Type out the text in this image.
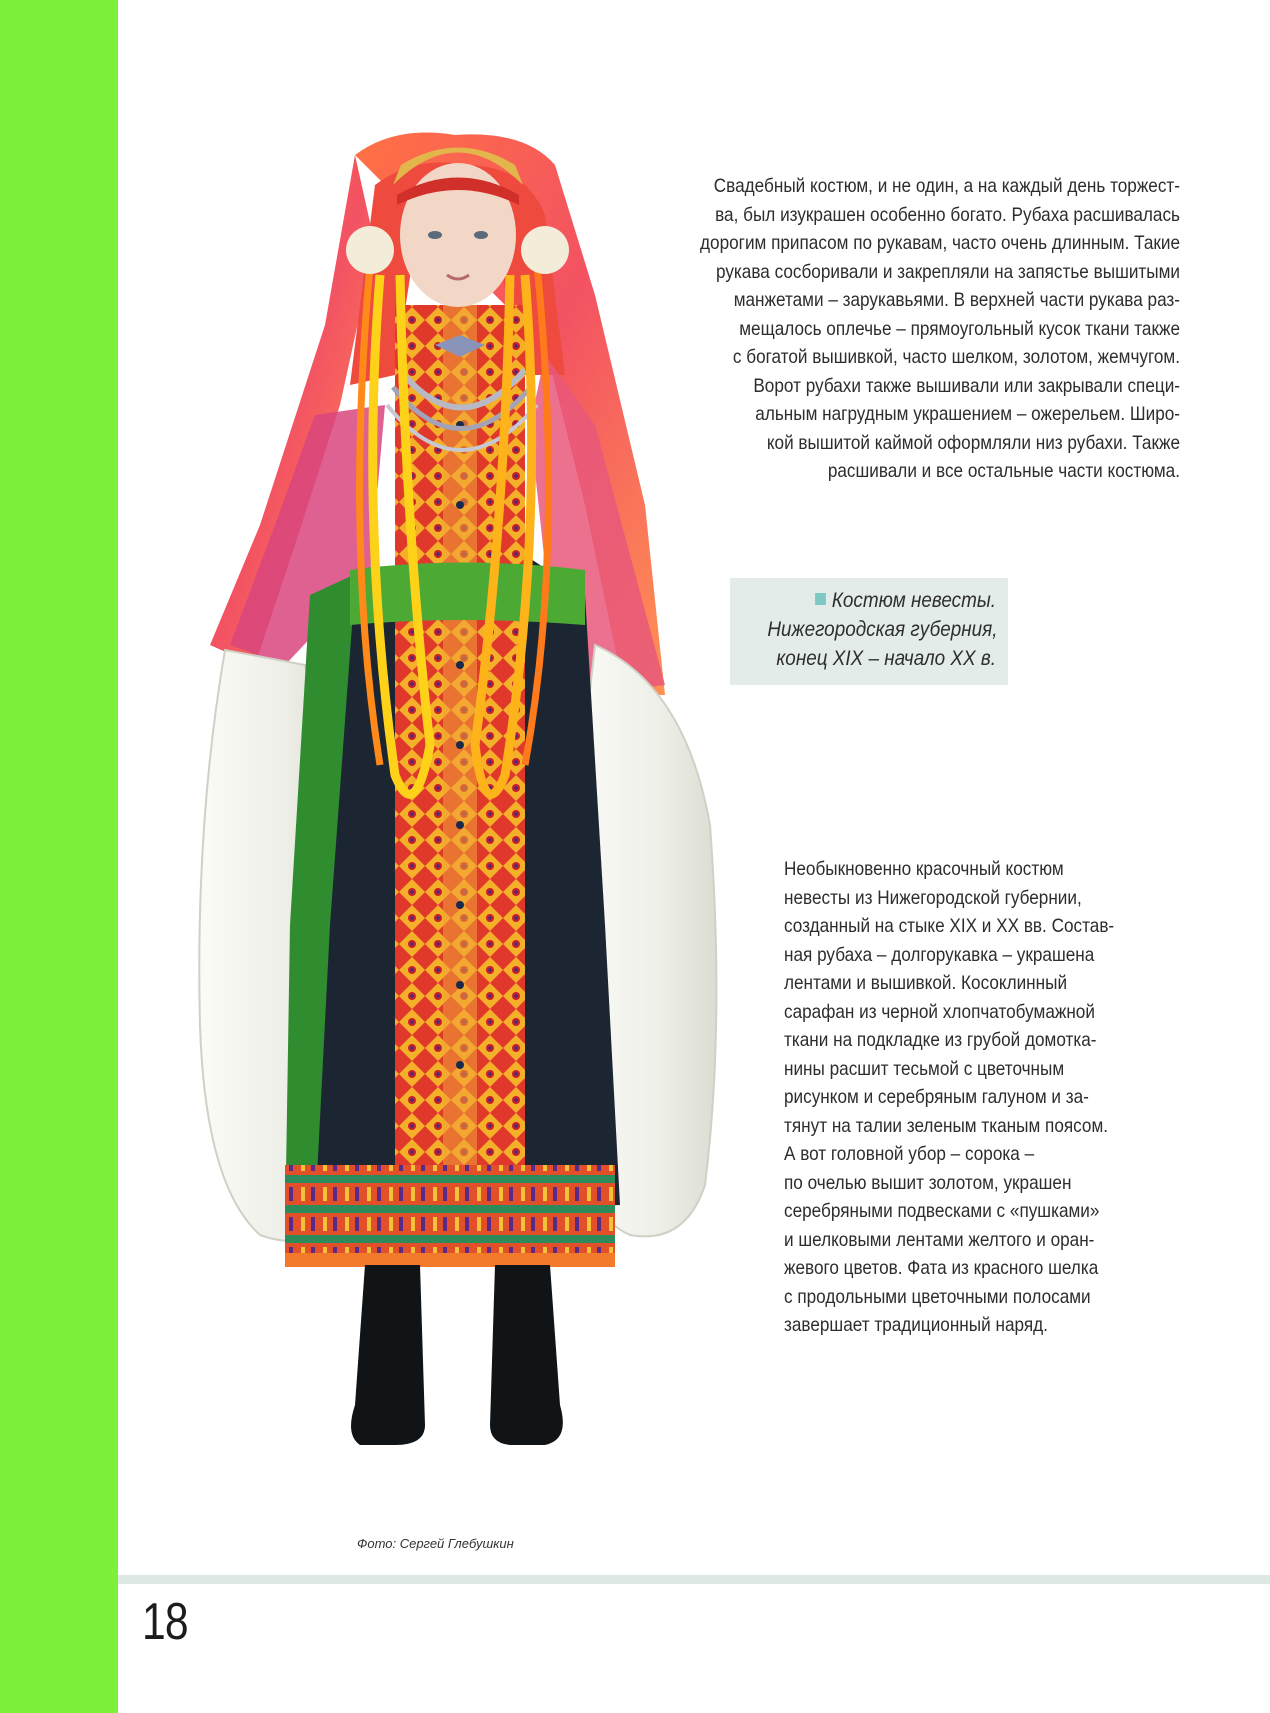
Фото: Сергей Глебушкин
Свадебный костюм, и не один, а на каждый день торжест-
ва, был изукрашен особенно богато. Рубаха расшивалась
дорогим припасом по рукавам, часто очень длинным. Такие
рукава сосборивали и закрепляли на запястье вышитыми
манжетами – зарукавьями. В верхней части рукава раз-
мещалось оплечье – прямоугольный кусок ткани также
с богатой вышивкой, часто шелком, золотом, жемчугом.
Ворот рубахи также вышивали или закрывали специ-
альным нагрудным украшением – ожерельем. Широ-
кой вышитой каймой оформляли низ рубахи. Также
расшивали и все остальные части костюма.
Костюм невесты.
Нижегородская губерния,
конец XIX – начало XX в.
Необыкновенно красочный костюм
невесты из Нижегородской губернии,
созданный на стыке XIX и XX вв. Состав-
ная рубаха – долгорукавка – украшена
лентами и вышивкой. Косоклинный
сарафан из черной хлопчатобумажной
ткани на подкладке из грубой домотка-
нины расшит тесьмой с цветочным
рисунком и серебряным галуном и за-
тянут на талии зеленым тканым поясом.
А вот головной убор – сорока –
по очелью вышит золотом, украшен
серебряными подвесками с «пушками»
и шелковыми лентами желтого и оран-
жевого цветов. Фата из красного шелка
с продольными цветочными полосами
завершает традиционный наряд.
18
